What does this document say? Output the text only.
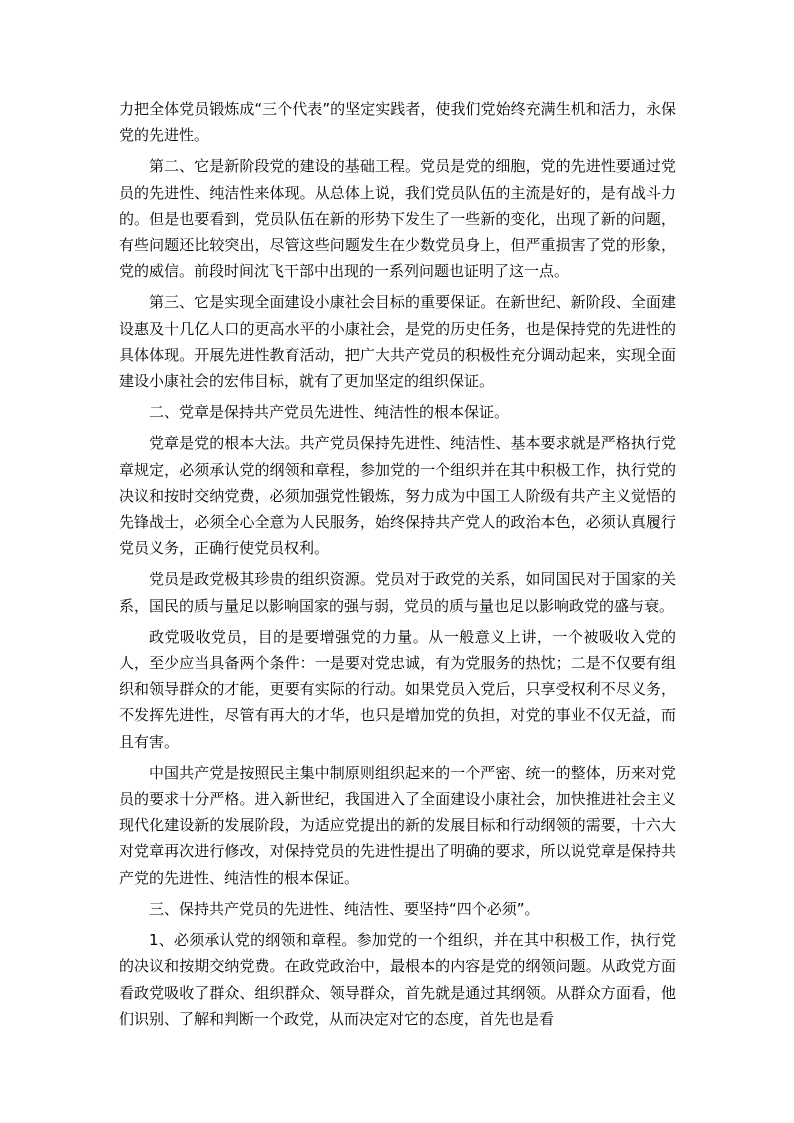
力把全体党员锻炼成“三个代表”的坚定实践者，使我们党始终充满生机和活力，永保党的先进性。

第二、它是新阶段党的建设的基础工程。党员是党的细胞，党的先进性要通过党员的先进性、纯洁性来体现。从总体上说，我们党员队伍的主流是好的，是有战斗力的。但是也要看到，党员队伍在新的形势下发生了一些新的变化，出现了新的问题，有些问题还比较突出，尽管这些问题发生在少数党员身上，但严重损害了党的形象，党的威信。前段时间沈飞干部中出现的一系列问题也证明了这一点。

第三、它是实现全面建设小康社会目标的重要保证。在新世纪、新阶段、全面建设惠及十几亿人口的更高水平的小康社会，是党的历史任务，也是保持党的先进性的具体体现。开展先进性教育活动，把广大共产党员的积极性充分调动起来，实现全面建设小康社会的宏伟目标，就有了更加坚定的组织保证。

二、党章是保持共产党员先进性、纯洁性的根本保证。

党章是党的根本大法。共产党员保持先进性、纯洁性、基本要求就是严格执行党章规定，必须承认党的纲领和章程，参加党的一个组织并在其中积极工作，执行党的决议和按时交纳党费，必须加强党性锻炼，努力成为中国工人阶级有共产主义觉悟的先锋战士，必须全心全意为人民服务，始终保持共产党人的政治本色，必须认真履行党员义务，正确行使党员权利。

党员是政党极其珍贵的组织资源。党员对于政党的关系，如同国民对于国家的关系，国民的质与量足以影响国家的强与弱，党员的质与量也足以影响政党的盛与衰。

政党吸收党员，目的是要增强党的力量。从一般意义上讲，一个被吸收入党的人，至少应当具备两个条件：一是要对党忠诚，有为党服务的热忱；二是不仅要有组织和领导群众的才能，更要有实际的行动。如果党员入党后，只享受权利不尽义务，不发挥先进性，尽管有再大的才华，也只是增加党的负担，对党的事业不仅无益，而且有害。

中国共产党是按照民主集中制原则组织起来的一个严密、统一的整体，历来对党员的要求十分严格。进入新世纪，我国进入了全面建设小康社会，加快推进社会主义现代化建设新的发展阶段，为适应党提出的新的发展目标和行动纲领的需要，十六大对党章再次进行修改，对保持党员的先进性提出了明确的要求，所以说党章是保持共产党的先进性、纯洁性的根本保证。

三、保持共产党员的先进性、纯洁性、要坚持“四个必须”。

1、必须承认党的纲领和章程。参加党的一个组织，并在其中积极工作，执行党的决议和按期交纳党费。在政党政治中，最根本的内容是党的纲领问题。从政党方面看政党吸收了群众、组织群众、领导群众，首先就是通过其纲领。从群众方面看，他们识别、了解和判断一个政党，从而决定对它的态度，首先也是看
